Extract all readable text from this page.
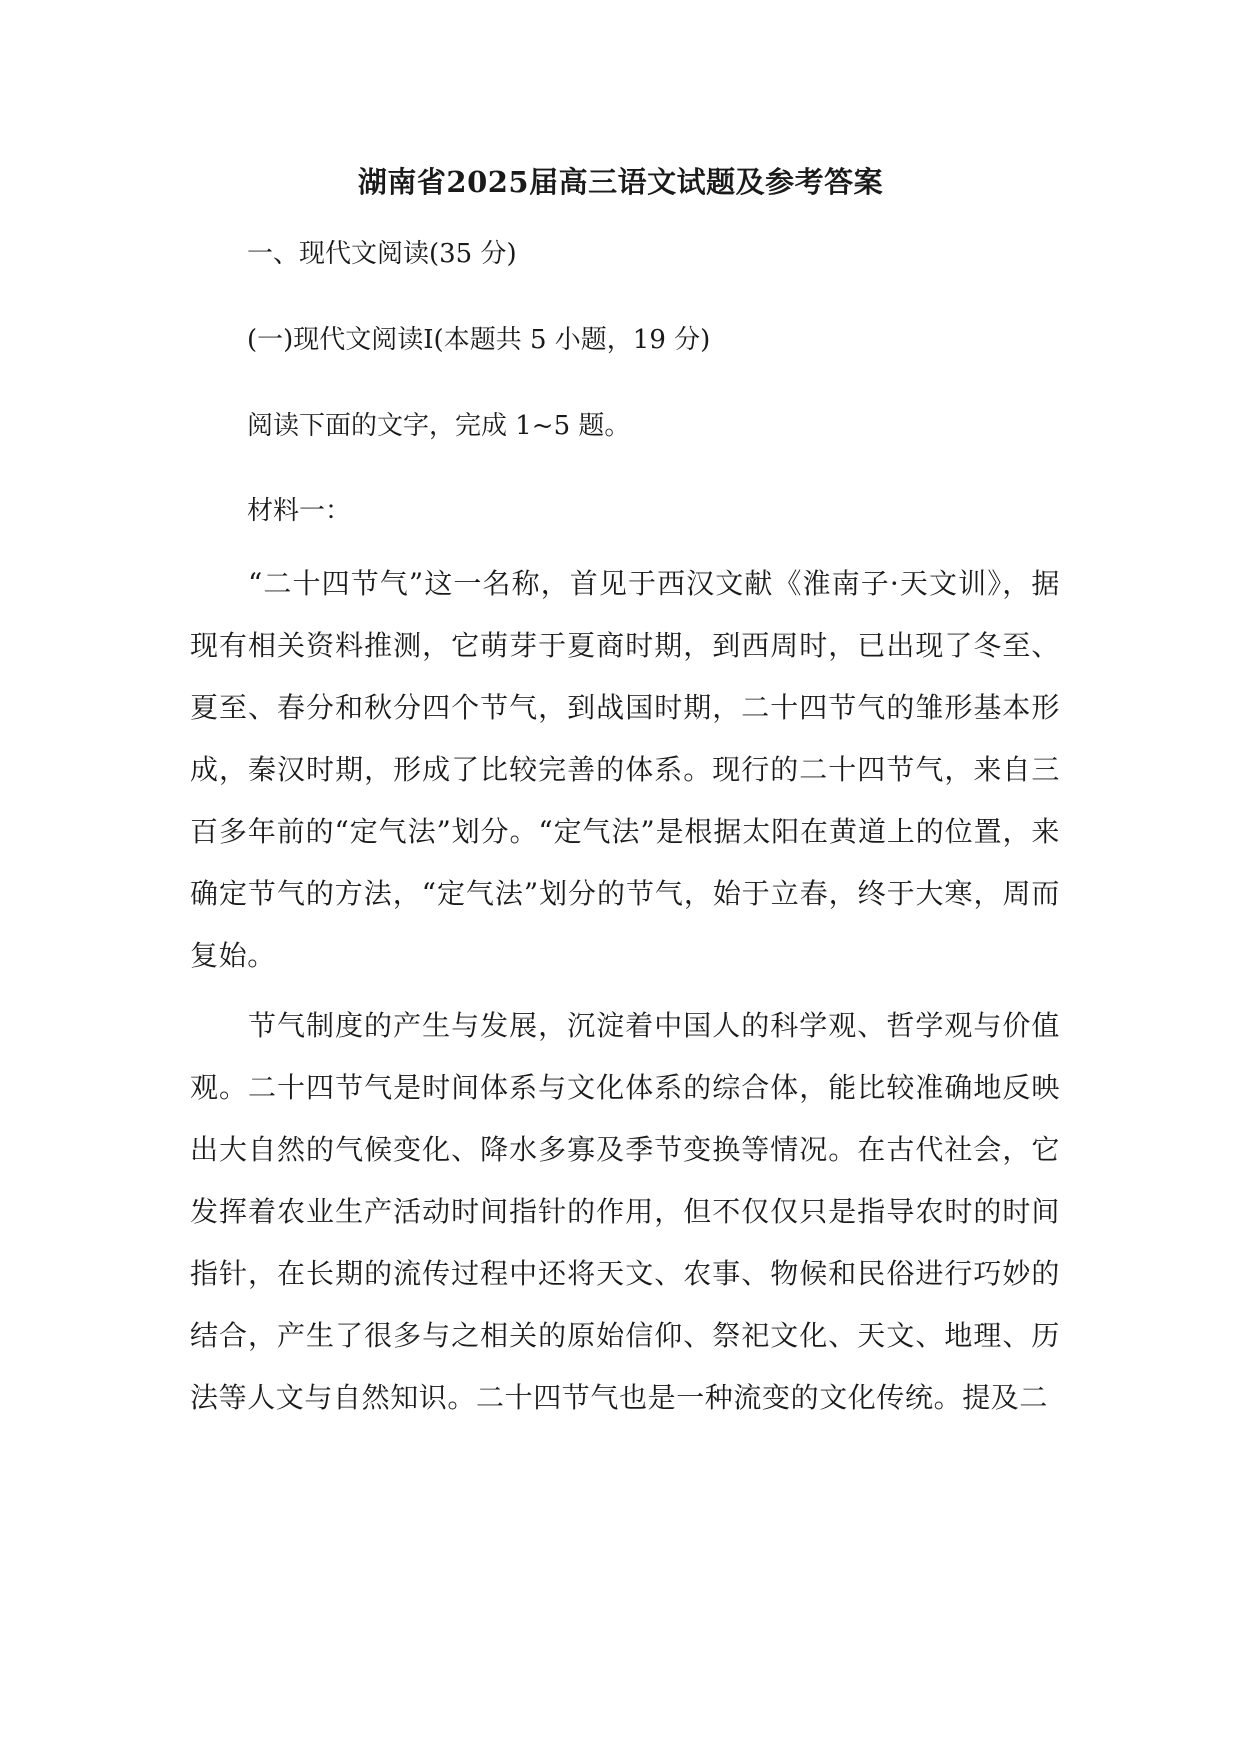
湖南省2025届高三语文试题及参考答案
一、现代文阅读(35 分)
(一)现代文阅读Ⅰ(本题共 5 小题，19 分)
阅读下面的文字，完成 1~5 题。
材料一：
“二十四节气”这一名称，首见于西汉文献《淮南子·天文训》，据现有相关资料推测，它萌芽于夏商时期，到西周时，已出现了冬至、夏至、春分和秋分四个节气，到战国时期，二十四节气的雏形基本形成，秦汉时期，形成了比较完善的体系。现行的二十四节气，来自三百多年前的“定气法”划分。“定气法”是根据太阳在黄道上的位置，来确定节气的方法，“定气法”划分的节气，始于立春，终于大寒，周而复始。
节气制度的产生与发展，沉淀着中国人的科学观、哲学观与价值观。二十四节气是时间体系与文化体系的综合体，能比较准确地反映出大自然的气候变化、降水多寡及季节变换等情况。在古代社会，它发挥着农业生产活动时间指针的作用，但不仅仅只是指导农时的时间指针，在长期的流传过程中还将天文、农事、物候和民俗进行巧妙的结合，产生了很多与之相关的原始信仰、祭祀文化、天文、地理、历法等人文与自然知识。二十四节气也是一种流变的文化传统。提及二
